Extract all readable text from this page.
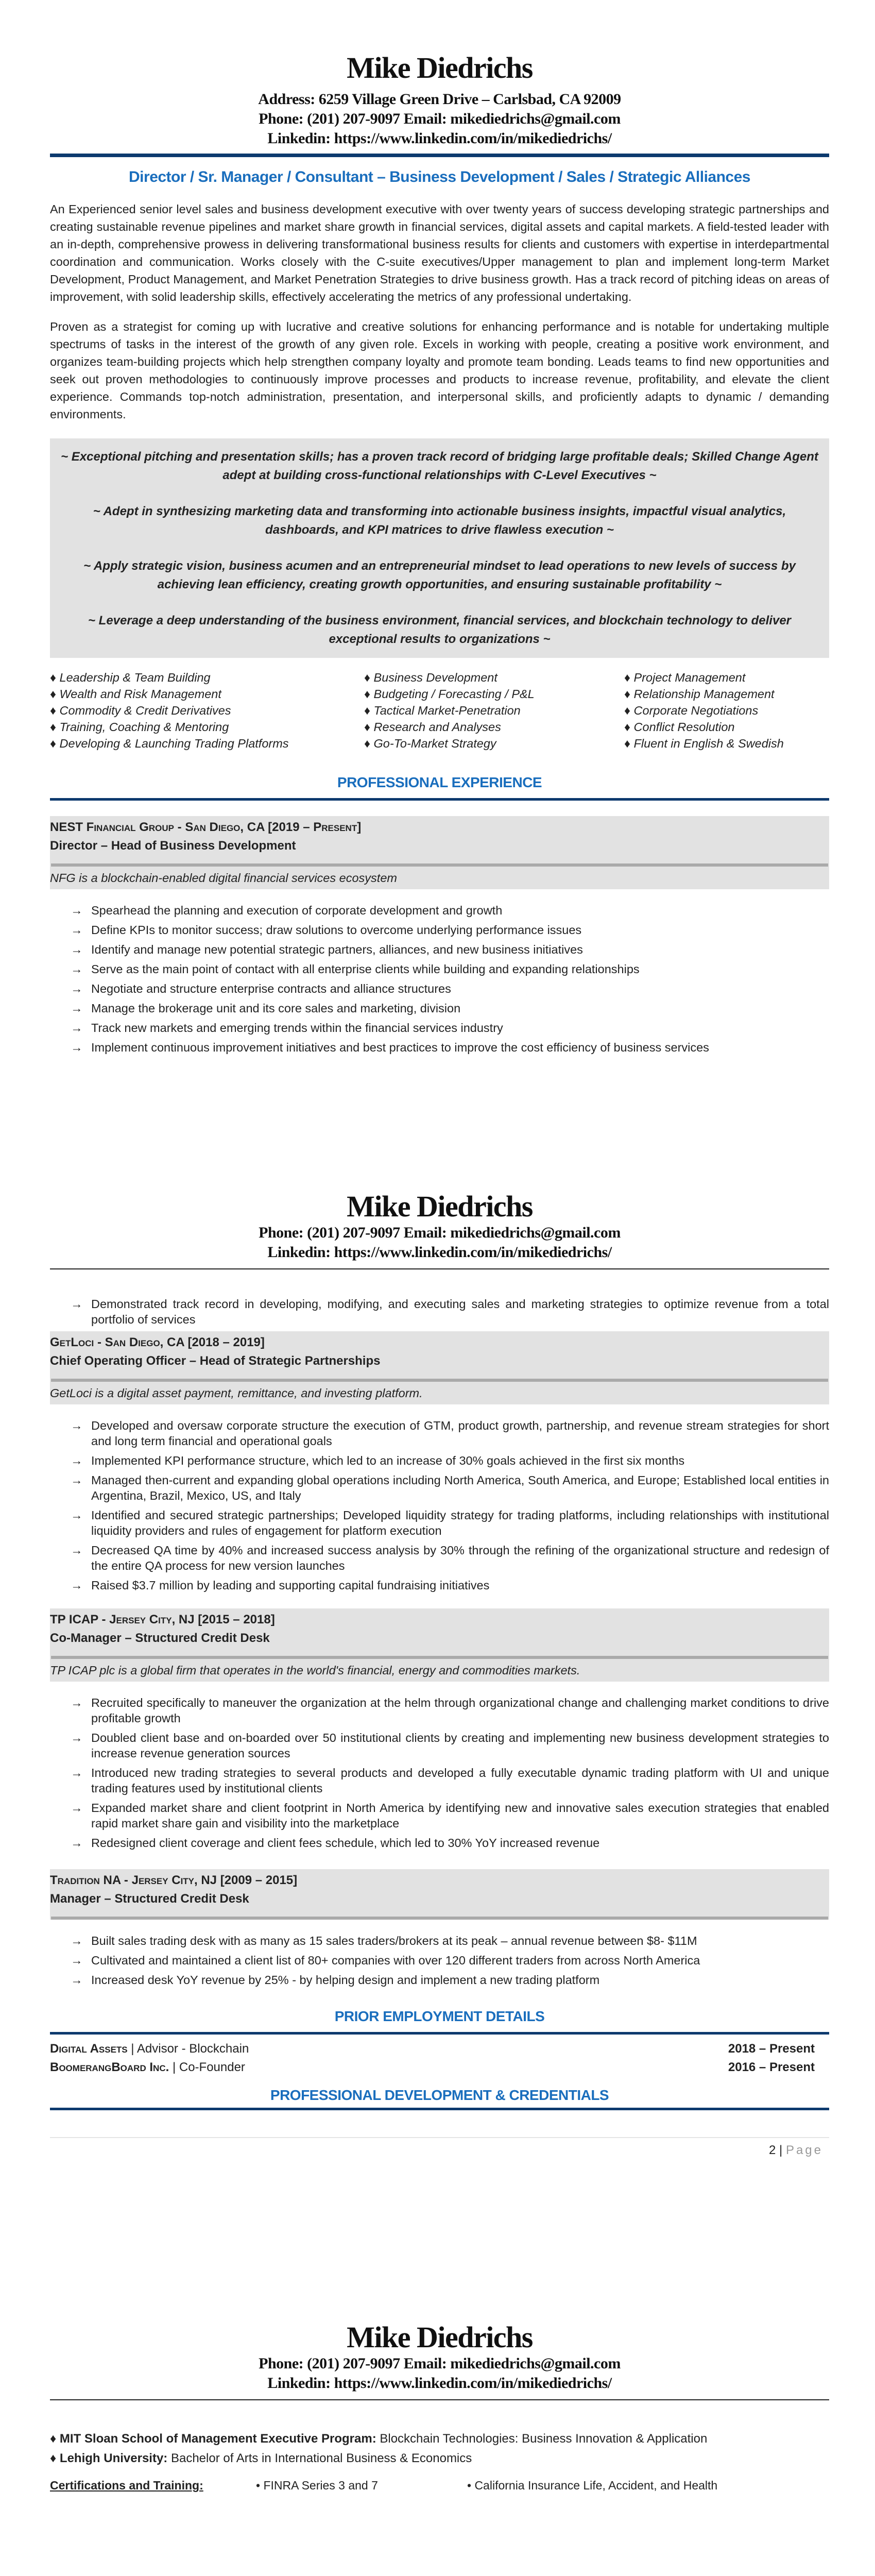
Mike Diedrichs
Address: 6259 Village Green Drive – Carlsbad, CA 92009
Phone: (201) 207-9097 Email: mikediedrichs@gmail.com
Linkedin: https://www.linkedin.com/in/mikediedrichs/
Director / Sr. Manager / Consultant – Business Development / Sales / Strategic Alliances

An Experienced senior level sales and business development executive with over twenty years of success developing strategic partnerships and creating sustainable revenue pipelines and market share growth in financial services, digital assets and capital markets. A field-tested leader with an in-depth, comprehensive prowess in delivering transformational business results for clients and customers with expertise in interdepartmental coordination and communication. Works closely with the C-suite executives/Upper management to plan and implement long-term Market Development, Product Management, and Market Penetration Strategies to drive business growth. Has a track record of pitching ideas on areas of improvement, with solid leadership skills, effectively accelerating the metrics of any professional undertaking.

Proven as a strategist for coming up with lucrative and creative solutions for enhancing performance and is notable for undertaking multiple spectrums of tasks in the interest of the growth of any given role. Excels in working with people, creating a positive work environment, and organizes team-building projects which help strengthen company loyalty and promote team bonding. Leads teams to find new opportunities and seek out proven methodologies to continuously improve processes and products to increase revenue, profitability, and elevate the client experience. Commands top-notch administration, presentation, and interpersonal skills, and proficiently adapts to dynamic / demanding environments.

~ Exceptional pitching and presentation skills; has a proven track record of bridging large profitable deals; Skilled Change Agent adept at building cross-functional relationships with C-Level Executives ~

~ Adept in synthesizing marketing data and transforming into actionable business insights, impactful visual analytics, dashboards, and KPI matrices to drive flawless execution ~

~ Apply strategic vision, business acumen and an entrepreneurial mindset to lead operations to new levels of success by achieving lean efficiency, creating growth opportunities, and ensuring sustainable profitability ~

~ Leverage a deep understanding of the business environment, financial services, and blockchain technology to deliver exceptional results to organizations ~

♦ Leadership & Team Building
♦ Wealth and Risk Management
♦ Commodity & Credit Derivatives
♦ Training, Coaching & Mentoring
♦ Developing & Launching Trading Platforms
♦ Business Development
♦ Budgeting / Forecasting / P&L
♦ Tactical Market-Penetration
♦ Research and Analyses
♦ Go-To-Market Strategy
♦ Project Management
♦ Relationship Management
♦ Corporate Negotiations
♦ Conflict Resolution
♦ Fluent in English & Swedish
PROFESSIONAL EXPERIENCE
NEST Financial Group - San Diego, CA [2019 – Present]
Director – Head of Business Development
NFG is a blockchain-enabled digital financial services ecosystem
→ Spearhead the planning and execution of corporate development and growth
→ Define KPIs to monitor success; draw solutions to overcome underlying performance issues
→ Identify and manage new potential strategic partners, alliances, and new business initiatives
→ Serve as the main point of contact with all enterprise clients while building and expanding relationships
→ Negotiate and structure enterprise contracts and alliance structures
→ Manage the brokerage unit and its core sales and marketing, division
→ Track new markets and emerging trends within the financial services industry
→ Implement continuous improvement initiatives and best practices to improve the cost efficiency of business services
Mike Diedrichs
Phone: (201) 207-9097 Email: mikediedrichs@gmail.com
Linkedin: https://www.linkedin.com/in/mikediedrichs/
→ Demonstrated track record in developing, modifying, and executing sales and marketing strategies to optimize revenue from a total portfolio of services
GetLoci - San Diego, CA [2018 – 2019]
Chief Operating Officer – Head of Strategic Partnerships
GetLoci is a digital asset payment, remittance, and investing platform.
→ Developed and oversaw corporate structure the execution of GTM, product growth, partnership, and revenue stream strategies for short and long term financial and operational goals
→ Implemented KPI performance structure, which led to an increase of 30% goals achieved in the first six months
→ Managed then-current and expanding global operations including North America, South America, and Europe; Established local entities in Argentina, Brazil, Mexico, US, and Italy
→ Identified and secured strategic partnerships; Developed liquidity strategy for trading platforms, including relationships with institutional liquidity providers and rules of engagement for platform execution
→ Decreased QA time by 40% and increased success analysis by 30% through the refining of the organizational structure and redesign of the entire QA process for new version launches
→ Raised $3.7 million by leading and supporting capital fundraising initiatives
TP ICAP - Jersey City, NJ [2015 – 2018]
Co-Manager – Structured Credit Desk
TP ICAP plc is a global firm that operates in the world's financial, energy and commodities markets.
→ Recruited specifically to maneuver the organization at the helm through organizational change and challenging market conditions to drive profitable growth
→ Doubled client base and on-boarded over 50 institutional clients by creating and implementing new business development strategies to increase revenue generation sources
→ Introduced new trading strategies to several products and developed a fully executable dynamic trading platform with UI and unique trading features used by institutional clients
→ Expanded market share and client footprint in North America by identifying new and innovative sales execution strategies that enabled rapid market share gain and visibility into the marketplace
→ Redesigned client coverage and client fees schedule, which led to 30% YoY increased revenue
Tradition NA - Jersey City, NJ [2009 – 2015]
Manager – Structured Credit Desk
→ Built sales trading desk with as many as 15 sales traders/brokers at its peak – annual revenue between $8- $11M
→ Cultivated and maintained a client list of 80+ companies with over 120 different traders from across North America
→ Increased desk YoY revenue by 25% - by helping design and implement a new trading platform
PRIOR EMPLOYMENT DETAILS
Digital Assets | Advisor - Blockchain	2018 – Present
BoomerangBoard Inc. | Co-Founder	2016 – Present
PROFESSIONAL DEVELOPMENT & CREDENTIALS
2 | Page
Mike Diedrichs
Phone: (201) 207-9097 Email: mikediedrichs@gmail.com
Linkedin: https://www.linkedin.com/in/mikediedrichs/
♦ MIT Sloan School of Management Executive Program: Blockchain Technologies: Business Innovation & Application
♦ Lehigh University: Bachelor of Arts in International Business & Economics
Certifications and Training:	• FINRA Series 3 and 7	• California Insurance Life, Accident, and Health
